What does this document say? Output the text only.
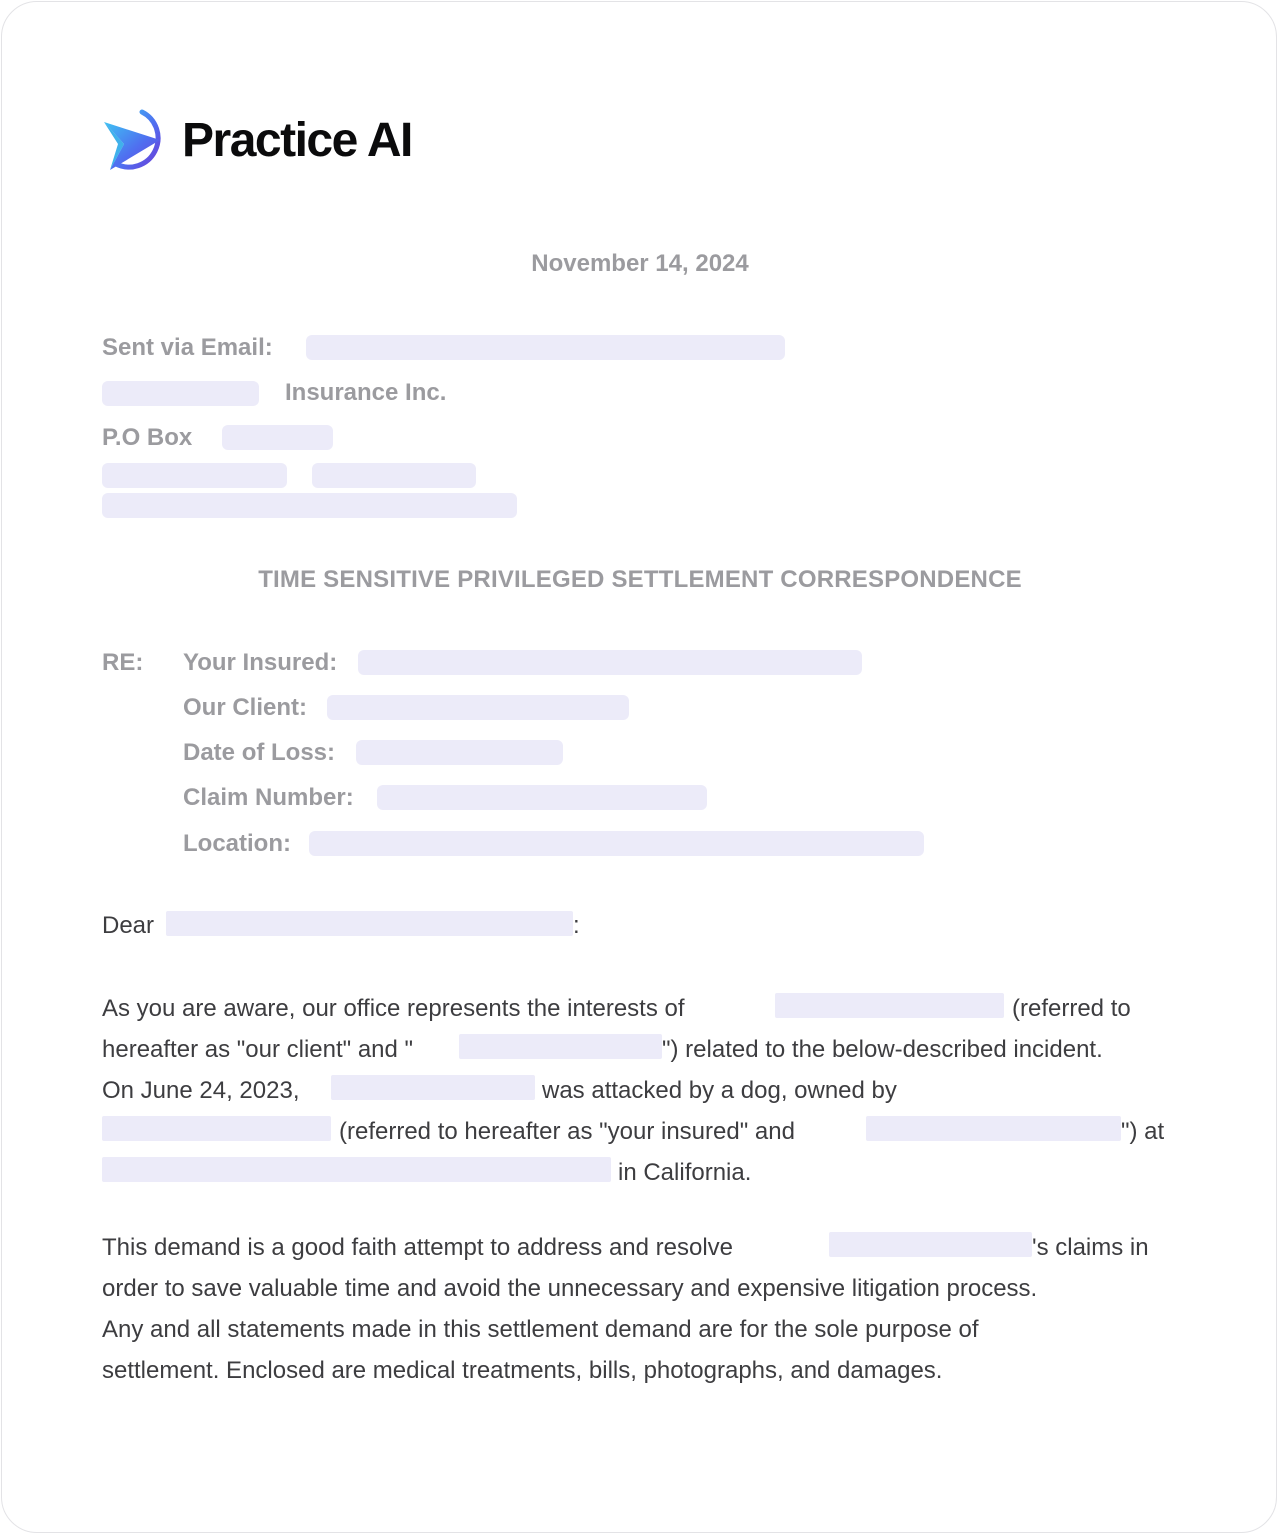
Practice AI
November 14, 2024
Sent via Email:
Insurance Inc.
P.O Box
TIME SENSITIVE PRIVILEGED SETTLEMENT CORRESPONDENCE
RE: Your Insured:
Our Client:
Date of Loss:
Claim Number:
Location:
Dear	:
As you are aware, our office represents the interests of	(referred to
hereafter as "our client" and "	") related to the below-described incident.
On June 24, 2023,	was attacked by a dog, owned by
(referred to hereafter as "your insured" and	") at
in California.
This demand is a good faith attempt to address and resolve	's claims in
order to save valuable time and avoid the unnecessary and expensive litigation process.
Any and all statements made in this settlement demand are for the sole purpose of
settlement. Enclosed are medical treatments, bills, photographs, and damages.
